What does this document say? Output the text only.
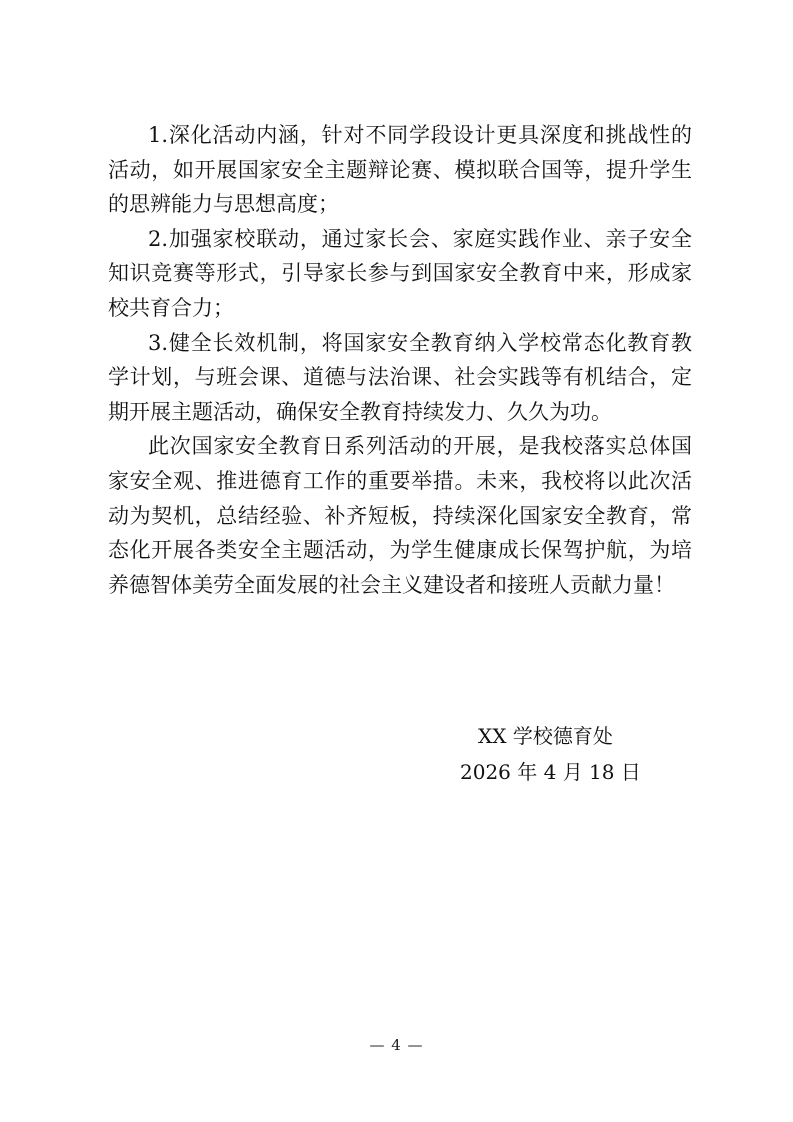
1.深化活动内涵，针对不同学段设计更具深度和挑战性的
活动，如开展国家安全主题辩论赛、模拟联合国等，提升学生
的思辨能力与思想高度；
2.加强家校联动，通过家长会、家庭实践作业、亲子安全
知识竞赛等形式，引导家长参与到国家安全教育中来，形成家
校共育合力；
3.健全长效机制，将国家安全教育纳入学校常态化教育教
学计划，与班会课、道德与法治课、社会实践等有机结合，定
期开展主题活动，确保安全教育持续发力、久久为功。
此次国家安全教育日系列活动的开展，是我校落实总体国
家安全观、推进德育工作的重要举措。未来，我校将以此次活
动为契机，总结经验、补齐短板，持续深化国家安全教育，常
态化开展各类安全主题活动，为学生健康成长保驾护航，为培
养德智体美劳全面发展的社会主义建设者和接班人贡献力量！
XX 学校德育处
2026 年 4 月 18 日
— 4 —
